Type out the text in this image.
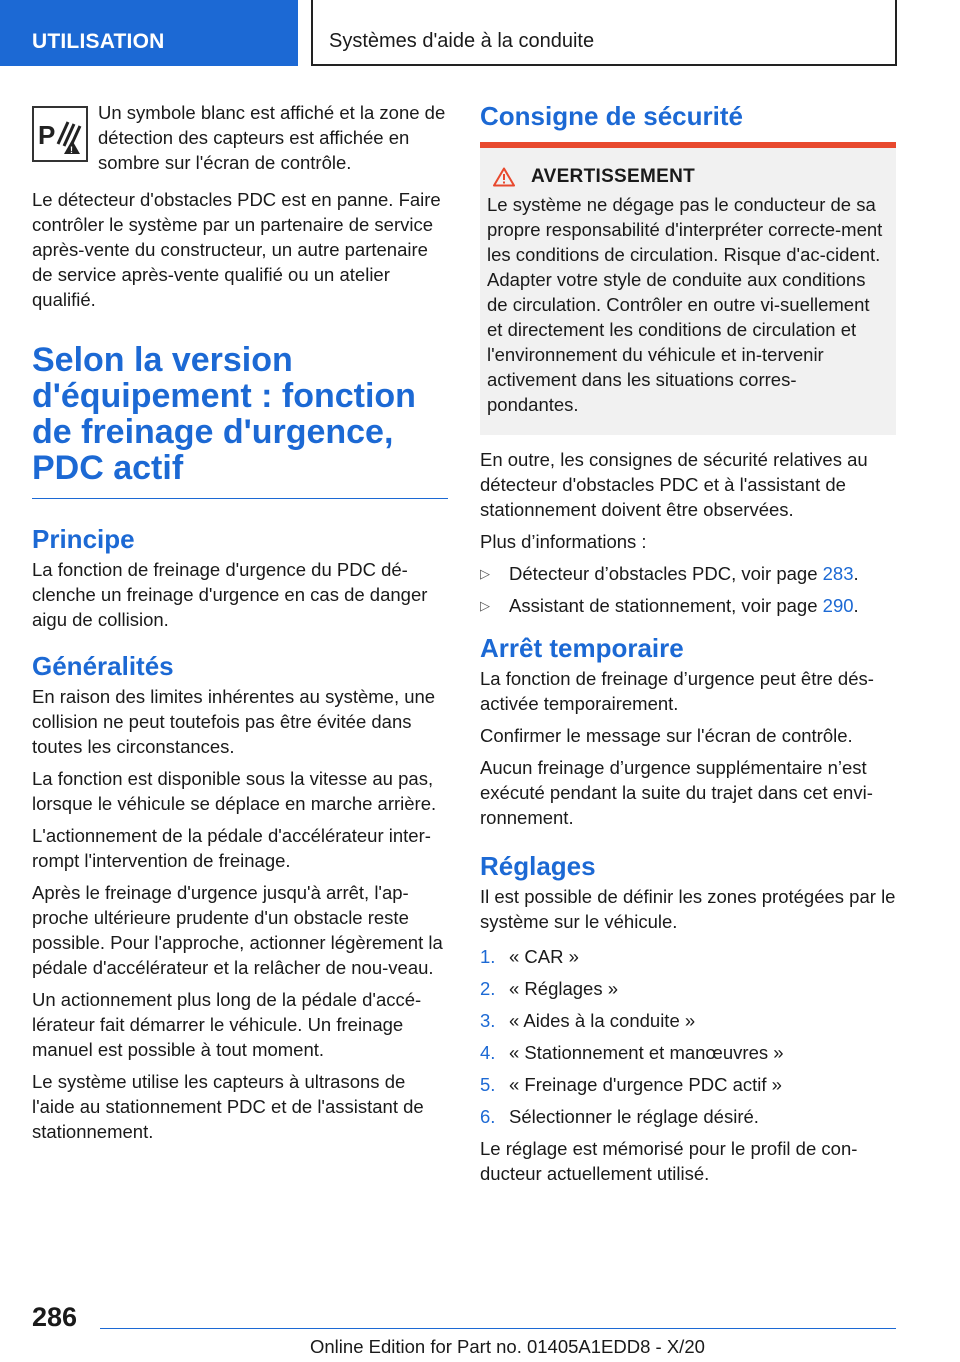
UTILISATION	Systèmes d'aide à la conduite
P !

Un symbole blanc est affiché et la zone de détection des capteurs est affichée en sombre sur l'écran de contrôle.

Le détecteur d'obstacles PDC est en panne. Faire contrôler le système par un partenaire de service après-vente du constructeur, un autre partenaire de service après-vente qualifié ou un atelier qualifié.

Selon la version d'équipement : fonction de freinage d'urgence, PDC actif
Principe

La fonction de freinage d'urgence du PDC dé-clenche un freinage d'urgence en cas de danger aigu de collision.

Généralités

En raison des limites inhérentes au système, une collision ne peut toutefois pas être évitée dans toutes les circonstances.

La fonction est disponible sous la vitesse au pas, lorsque le véhicule se déplace en marche arrière.

L'actionnement de la pédale d'accélérateur inter-rompt l'intervention de freinage.

Après le freinage d'urgence jusqu'à arrêt, l'ap-proche ultérieure prudente d'un obstacle reste possible. Pour l'approche, actionner légèrement la pédale d'accélérateur et la relâcher de nou-veau.

Un actionnement plus long de la pédale d'accé-lérateur fait démarrer le véhicule. Un freinage manuel est possible à tout moment.

Le système utilise les capteurs à ultrasons de l'aide au stationnement PDC et de l'assistant de stationnement.

Consigne de sécurité
AVERTISSEMENT

Le système ne dégage pas le conducteur de sa propre responsabilité d'interpréter correcte-ment les conditions de circulation. Risque d'ac-cident. Adapter votre style de conduite aux conditions de circulation. Contrôler en outre vi-suellement et directement les conditions de circulation et l'environnement du véhicule et in-tervenir activement dans les situations corres-pondantes.

En outre, les consignes de sécurité relatives au détecteur d'obstacles PDC et à l'assistant de stationnement doivent être observées.

Plus d’informations :

▷ Détecteur d’obstacles PDC, voir page 283.
▷ Assistant de stationnement, voir page 290.
Arrêt temporaire

La fonction de freinage d’urgence peut être dés-activée temporairement.

Confirmer le message sur l'écran de contrôle.

Aucun freinage d’urgence supplémentaire n’est exécuté pendant la suite du trajet dans cet envi-ronnement.

Réglages

Il est possible de définir les zones protégées par le système sur le véhicule.

1. « CAR »
2. « Réglages »
3. « Aides à la conduite »
4. « Stationnement et manœuvres »
5. « Freinage d'urgence PDC actif »
6. Sélectionner le réglage désiré.

Le réglage est mémorisé pour le profil de con-ducteur actuellement utilisé.

286
Online Edition for Part no. 01405A1EDD8 - X/20
